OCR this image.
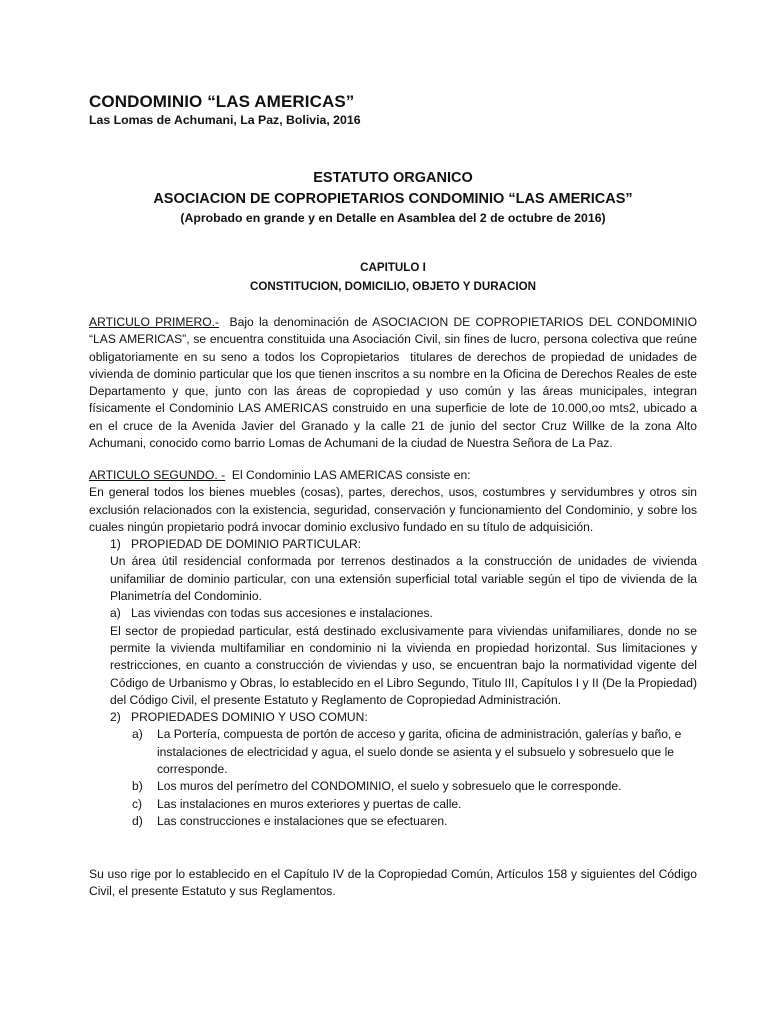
CONDOMINIO “LAS AMERICAS”

Las Lomas de Achumani, La Paz, Bolivia, 2016

ESTATUTO ORGANICO
ASOCIACION DE COPROPIETARIOS CONDOMINIO “LAS AMERICAS”
(Aprobado en grande y en Detalle en Asamblea del 2 de octubre de 2016)
CAPITULO I
CONSTITUCION, DOMICILIO, OBJETO Y DURACION

ARTICULO PRIMERO.-  Bajo la denominación de ASOCIACION DE COPROPIETARIOS DEL CONDOMINIO “LAS AMERICAS”, se encuentra constituida una Asociación Civil, sin fines de lucro, persona colectiva que reúne obligatoriamente en su seno a todos los Copropietarios  titulares de derechos de propiedad de unidades de vivienda de dominio particular que los que tienen inscritos a su nombre en la Oficina de Derechos Reales de este Departamento y que, junto con las áreas de copropiedad y uso común y las áreas municipales, integran físicamente el Condominio LAS AMERICAS construido en una superficie de lote de 10.000,oo mts2, ubicado a en el cruce de la Avenida Javier del Granado y la calle 21 de junio del sector Cruz Willke de la zona Alto Achumani, conocido como barrio Lomas de Achumani de la ciudad de Nuestra Señora de La Paz.

ARTICULO SEGUNDO. -  El Condominio LAS AMERICAS consiste en:

En general todos los bienes muebles (cosas), partes, derechos, usos, costumbres y servidumbres y otros sin exclusión relacionados con la existencia, seguridad, conservación y funcionamiento del Condominio, y sobre los cuales ningún propietario podrá invocar dominio exclusivo fundado en su título de adquisición.

1) PROPIEDAD DE DOMINIO PARTICULAR:

Un área útil residencial conformada por terrenos destinados a la construcción de unidades de vivienda unifamiliar de dominio particular, con una extensión superficial total variable según el tipo de vivienda de la Planimetría del Condominio.

a) Las viviendas con todas sus accesiones e instalaciones.

El sector de propiedad particular, está destinado exclusivamente para viviendas unifamiliares, donde no se permite la vivienda multifamiliar en condominio ni la vivienda en propiedad horizontal. Sus limitaciones y restricciones, en cuanto a construcción de viviendas y uso, se encuentran bajo la normatividad vigente del Código de Urbanismo y Obras, lo establecido en el Libro Segundo, Titulo III, Capítulos I y II (De la Propiedad) del Código Civil, el presente Estatuto y Reglamento de Copropiedad Administración.

2) PROPIEDADES DOMINIO Y USO COMUN:
a)	La Portería, compuesta de portón de acceso y garita, oficina de administración, galerías y baño, e instalaciones de electricidad y agua, el suelo donde se asienta y el subsuelo y sobresuelo que le corresponde.
b)	Los muros del perímetro del CONDOMINIO, el suelo y sobresuelo que le corresponde.
c)	Las instalaciones en muros exteriores y puertas de calle.
d)	Las construcciones e instalaciones que se efectuaren.

Su uso rige por lo establecido en el Capítulo IV de la Copropiedad Común, Artículos 158 y siguientes del Código Civil, el presente Estatuto y sus Reglamentos.
